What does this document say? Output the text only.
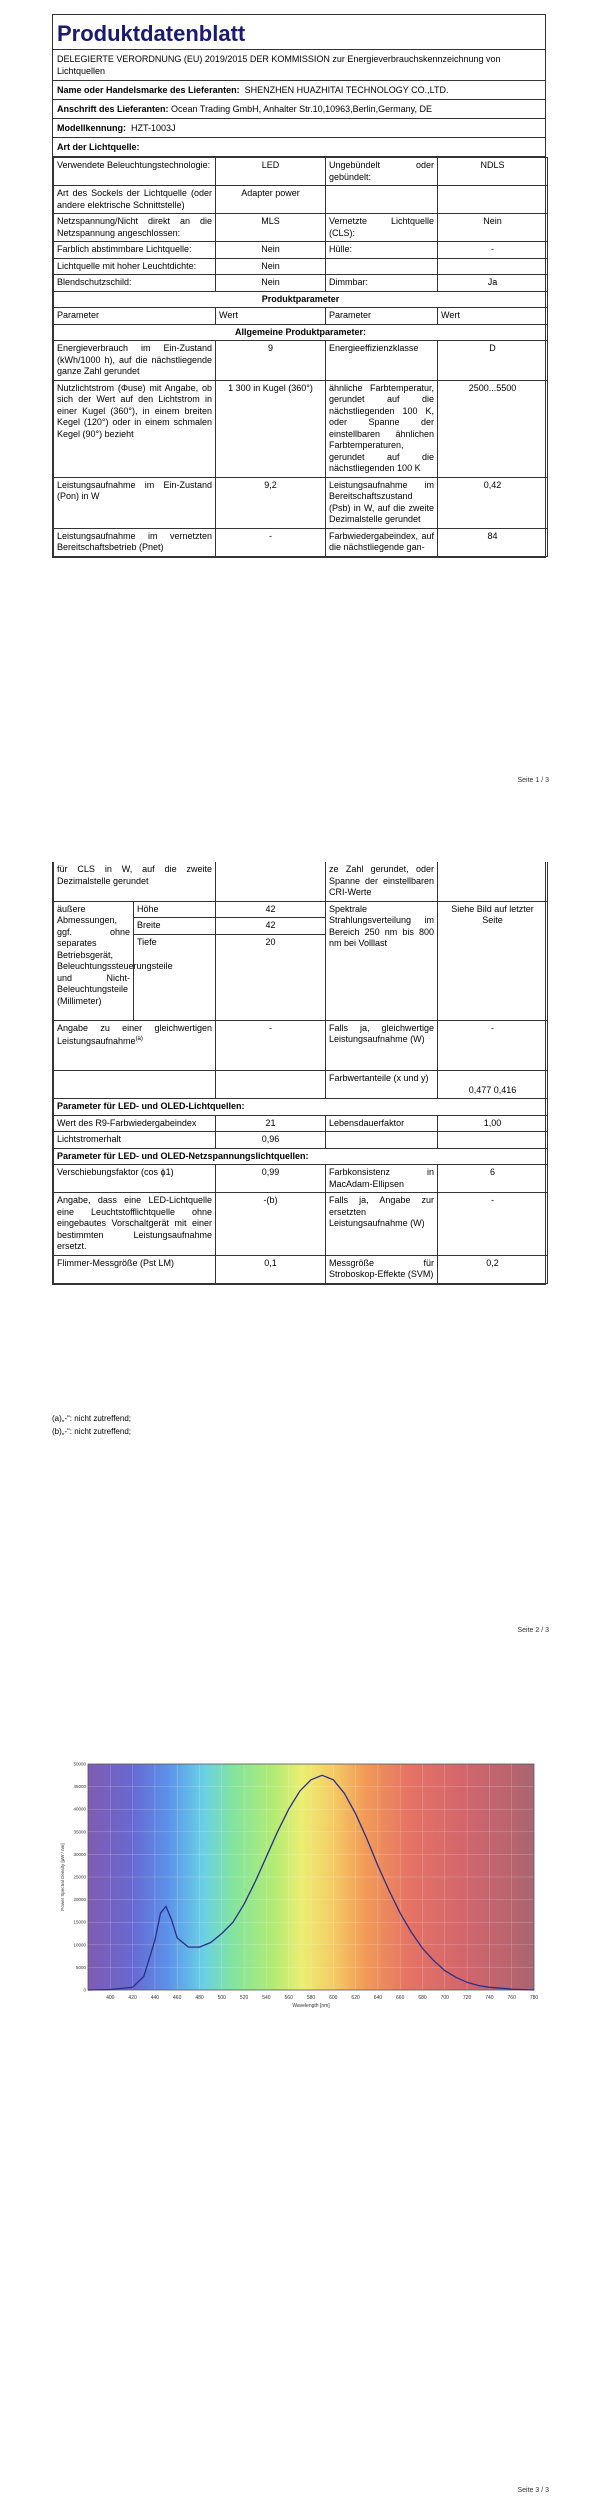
Produktdatenblatt
DELEGIERTE VERORDNUNG (EU) 2019/2015 DER KOMMISSION zur Energieverbrauchskennzeichnung von Lichtquellen
Name oder Handelsmarke des Lieferanten: SHENZHEN HUAZHITAI TECHNOLOGY CO.,LTD.
Anschrift des Lieferanten: Ocean Trading GmbH, Anhalter Str.10,10963,Berlin,Germany, DE
Modellkennung: HZT-1003J
Art der Lichtquelle:
Verwendete Beleuchtungstechnologie:	LED	Ungebündelt oder gebündelt:	NDLS
Art des Sockels der Lichtquelle (oder andere elektrische Schnittstelle)	Adapter power		
Netzspannung/Nicht direkt an die Netzspannung angeschlossen:	MLS	Vernetzte Lichtquelle (CLS):	Nein
Farblich abstimmbare Lichtquelle:	Nein	Hülle:	-
Lichtquelle mit hoher Leuchtdichte:	Nein		
Blendschutzschild:	Nein	Dimmbar:	Ja
Produktparameter			
Parameter	Wert	Parameter	Wert
Allgemeine Produktparameter:			
Energieverbrauch im Ein-Zustand (kWh/1000 h), auf die nächstliegende ganze Zahl gerundet	9	Energieeffizienzklasse	D
Nutzlichtstrom (Φuse) mit Angabe, ob sich der Wert auf den Lichtstrom in einer Kugel (360°), in einem breiten Kegel (120°) oder in einem schmalen Kegel (90°) bezieht	1 300 in Kugel (360°)	ähnliche Farbtemperatur, gerundet auf die nächstliegenden 100 K, oder Spanne der einstellbaren ähnlichen Farbtemperaturen, gerundet auf die nächstliegenden 100 K	2500...5500
Leistungsaufnahme im Ein-Zustand (Pon) in W	9,2	Leistungsaufnahme im Bereitschaftszustand (Psb) in W, auf die zweite Dezimalstelle gerundet	0,42
Leistungsaufnahme im vernetzten Bereitschaftsbetrieb (Pnet)	-	Farbwiedergabeindex, auf die nächstliegende gan-	84
Seite 1 / 3
für CLS in W, auf die zweite Dezimalstelle gerundet			ze Zahl gerundet, oder Spanne der einstellbaren CRI-Werte	
äußere Abmessungen, ggf. ohne separates Betriebsgerät, Beleuchtungssteuerungsteile und Nicht-Beleuchtungsteile (Millimeter)	Höhe	42	Spektrale Strahlungsverteilung im Bereich 250 nm bis 800 nm bei Volllast	Siehe Bild auf letzter Seite
	Breite	42		
	Tiefe	20		

Angabe zu einer gleichwertigen Leistungsaufnahme$^{(a)}$		-	Falls ja, gleichwertige Leistungsaufnahme (W)	-
			Farbwertanteile (x und y)	0,477 0,416
Parameter für LED- und OLED-Lichtquellen:				
Wert des R9-Farbwiedergabeindex		21	Lebensdauerfaktor	1,00
Lichtstromerhalt		0,96		
Parameter für LED- und OLED-Netzspannungslichtquellen:				
Verschiebungsfaktor (cos ϕ1)		0,99	Farbkonsistenz in MacAdam-Ellipsen	6
Angabe, dass eine LED-Lichtquelle eine Leuchtstofflichtquelle ohne eingebautes Vorschaltgerät mit einer bestimmten Leistungsaufnahme ersetzt.		-(b)	Falls ja, Angabe zur ersetzten Leistungsaufnahme (W)	-
Flimmer-Messgröße (Pst LM)		0,1	Messgröße für Stroboskop-Effekte (SVM)	0,2
(a)„-“: nicht zutreffend;
(b)„-“: nicht zutreffend;
Seite 2 / 3
400	420	440	460	480	500	520	540	560	580	600	620	640	660	680	700	720	740	760	780
0
5000
10000
15000
20000
25000
30000
35000
40000
45000
50000
Wavelength [nm]
Power Spectral Density [µW / nm]
Seite 3 / 3
